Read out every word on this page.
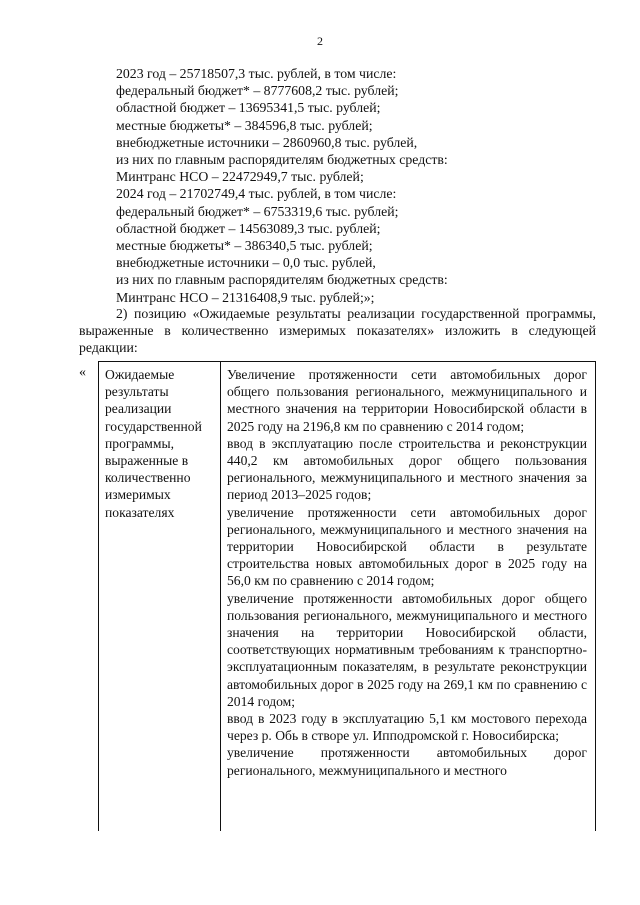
2
2023 год – 25718507,3 тыс. рублей, в том числе:
федеральный бюджет* – 8777608,2 тыс. рублей;
областной бюджет – 13695341,5 тыс. рублей;
местные бюджеты* – 384596,8 тыс. рублей;
внебюджетные источники – 2860960,8 тыс. рублей,
из них по главным распорядителям бюджетных средств:
Минтранс НСО – 22472949,7 тыс. рублей;
2024 год – 21702749,4 тыс. рублей, в том числе:
федеральный бюджет* – 6753319,6 тыс. рублей;
областной бюджет – 14563089,3 тыс. рублей;
местные бюджеты* – 386340,5 тыс. рублей;
внебюджетные источники – 0,0 тыс. рублей,
из них по главным распорядителям бюджетных средств:
Минтранс НСО – 21316408,9 тыс. рублей;»;
2) позицию «Ожидаемые результаты реализации государственной программы, выраженные в количественно измеримых показателях» изложить в следующей редакции:
«	Ожидаемые результаты реализации государственной программы, выраженные в количественно измеримых показателях

Увеличение протяженности сети автомобильных дорог общего пользования регионального, межмуниципального и местного значения на территории Новосибирской области в 2025 году на 2196,8 км по сравнению с 2014 годом;

ввод в эксплуатацию после строительства и реконструкции 440,2 км автомобильных дорог общего пользования регионального, межмуниципального и местного значения за период 2013–2025 годов;

увеличение протяженности сети автомобильных дорог регионального, межмуниципального и местного значения на территории Новосибирской области в результате строительства новых автомобильных дорог в 2025 году на 56,0 км по сравнению с 2014 годом;

увеличение протяженности автомобильных дорог общего пользования регионального, межмуниципального и местного значения на территории Новосибирской области, соответствующих нормативным требованиям к транспортно-эксплуатационным показателям, в результате реконструкции автомобильных дорог в 2025 году на 269,1 км по сравнению с 2014 годом;

ввод в 2023 году в эксплуатацию 5,1 км мостового перехода через р. Обь в створе ул. Ипподромской г. Новосибирска;

увеличение протяженности автомобильных дорог регионального, межмуниципального и местного
